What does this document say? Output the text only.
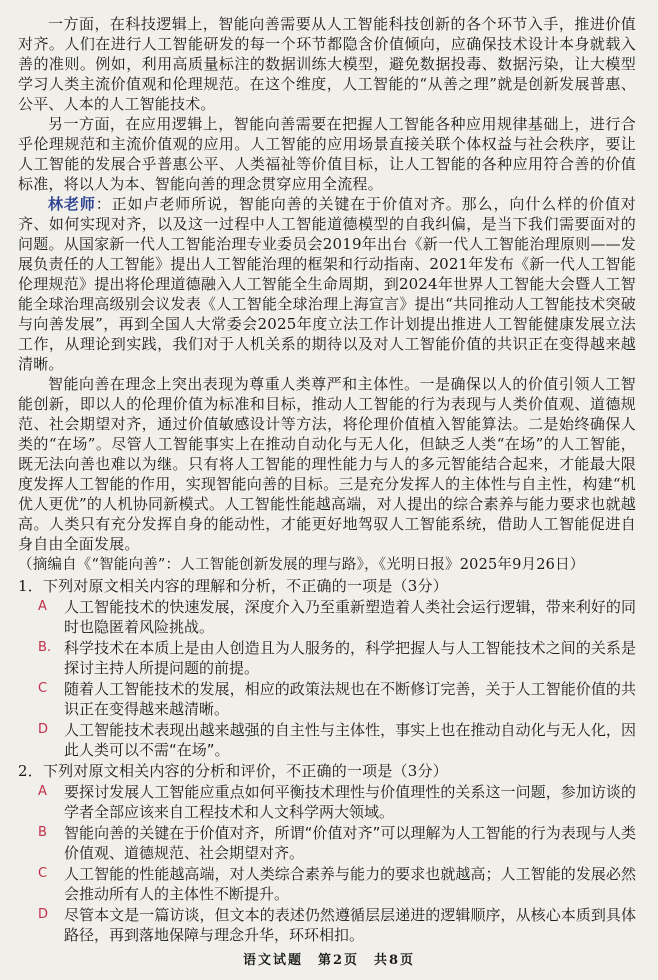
一方面，在科技逻辑上，智能向善需要从人工智能科技创新的各个环节入手，推进价值对齐。人们在进行人工智能研发的每一个环节都隐含价值倾向，应确保技术设计本身就载入善的准则。例如，利用高质量标注的数据训练大模型，避免数据投毒、数据污染，让大模型学习人类主流价值观和伦理规范。在这个维度，人工智能的“从善之理”就是创新发展普惠、公平、人本的人工智能技术。

另一方面，在应用逻辑上，智能向善需要在把握人工智能各种应用规律基础上，进行合乎伦理规范和主流价值观的应用。人工智能的应用场景直接关联个体权益与社会秩序，要让人工智能的发展合乎普惠公平、人类福祉等价值目标，让人工智能的各种应用符合善的价值标准，将以人为本、智能向善的理念贯穿应用全流程。

林老师：正如卢老师所说，智能向善的关键在于价值对齐。那么，向什么样的价值对齐、如何实现对齐，以及这一过程中人工智能道德模型的自我纠偏，是当下我们需要面对的问题。从国家新一代人工智能治理专业委员会2019年出台《新一代人工智能治理原则——发展负责任的人工智能》提出人工智能治理的框架和行动指南、2021年发布《新一代人工智能伦理规范》提出将伦理道德融入人工智能全生命周期，到2024年世界人工智能大会暨人工智能全球治理高级别会议发表《人工智能全球治理上海宣言》提出“共同推动人工智能技术突破与向善发展”，再到全国人大常委会2025年度立法工作计划提出推进人工智能健康发展立法工作，从理论到实践，我们对于人机关系的期待以及对人工智能价值的共识正在变得越来越清晰。

智能向善在理念上突出表现为尊重人类尊严和主体性。一是确保以人的价值引领人工智能创新，即以人的伦理价值为标准和目标，推动人工智能的行为表现与人类价值观、道德规范、社会期望对齐，通过价值敏感设计等方法，将伦理价值植入智能算法。二是始终确保人类的“在场”。尽管人工智能事实上在推动自动化与无人化，但缺乏人类“在场”的人工智能，既无法向善也难以为继。只有将人工智能的理性能力与人的多元智能结合起来，才能最大限度发挥人工智能的作用，实现智能向善的目标。三是充分发挥人的主体性与自主性，构建“机优人更优”的人机协同新模式。人工智能性能越高端，对人提出的综合素养与能力要求也就越高。人类只有充分发挥自身的能动性，才能更好地驾驭人工智能系统，借助人工智能促进自身自由全面发展。

（摘编自《“智能向善”：人工智能创新发展的理与路》，《光明日报》2025年9月26日）

1．下列对原文相关内容的理解和分析，不正确的一项是（3分）

A	人工智能技术的快速发展，深度介入乃至重新塑造着人类社会运行逻辑，带来利好的同时也隐匿着风险挑战。
B. 科学技术在本质上是由人创造且为人服务的，科学把握人与人工智能技术之间的关系是探讨主持人所提问题的前提。
C	随着人工智能技术的发展，相应的政策法规也在不断修订完善，关于人工智能价值的共识正在变得越来越清晰。
D	人工智能技术表现出越来越强的自主性与主体性，事实上也在推动自动化与无人化，因此人类可以不需“在场”。

2．下列对原文相关内容的分析和评价，不正确的一项是（3分）

A	要探讨发展人工智能应重点如何平衡技术理性与价值理性的关系这一问题，参加访谈的学者全部应该来自工程技术和人文科学两大领域。
B	智能向善的关键在于价值对齐，所谓“价值对齐”可以理解为人工智能的行为表现与人类价值观、道德规范、社会期望对齐。
C	人工智能的性能越高端，对人类综合素养与能力的要求也就越高；人工智能的发展必然会推动所有人的主体性不断提升。
D	尽管本文是一篇访谈，但文本的表述仍然遵循层层递进的逻辑顺序，从核心本质到具体路径，再到落地保障与理念升华，环环相扣。
语文试题　第2页　共8页
